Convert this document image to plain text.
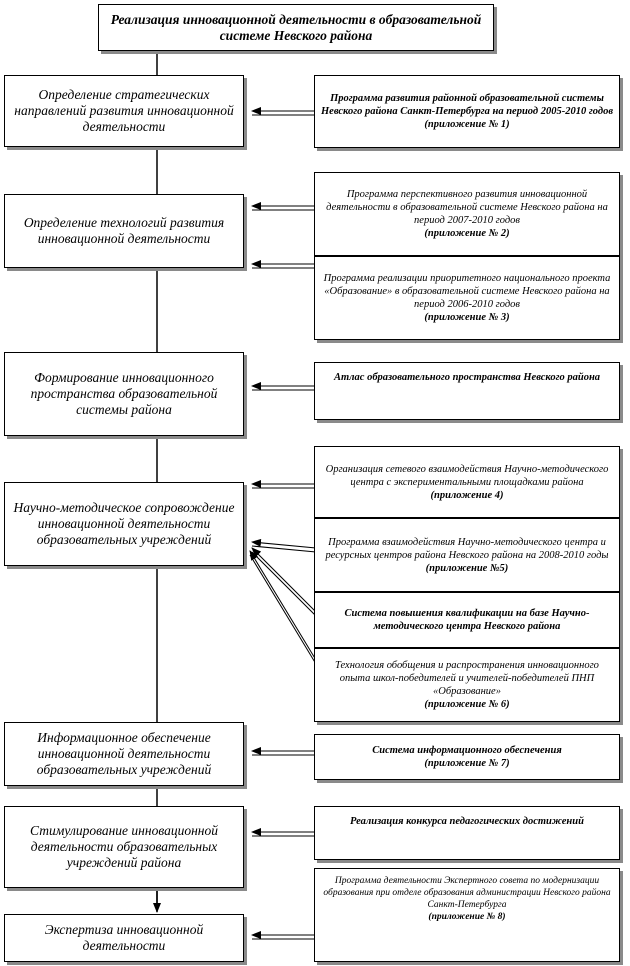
Реализация инновационной деятельности в образовательной системе Невского района
Определение стратегических направлений развития инновационной деятельности
Определение технологий развития инновационной деятельности
Формирование инновационного пространства образовательной системы района
Научно-методическое сопровождение инновационной деятельности образовательных учреждений
Информационное обеспечение инновационной деятельности образовательных учреждений
Стимулирование инновационной деятельности образовательных учреждений района
Экспертиза инновационной деятельности
Программа развития районной образовательной системы Невского района Санкт-Петербурга на период 2005-2010 годов
(приложение № 1)
Программа перспективного развития инновационной деятельности в образовательной системе Невского района на период 2007-2010 годов
(приложение № 2)
Программа реализации приоритетного национального проекта «Образование» в образовательной системе Невского района на период 2006-2010 годов
(приложение № 3)
Атлас образовательного пространства Невского района
Организация сетевого взаимодействия Научно-методического центра с экспериментальными площадками района
(приложение 4)
Программа взаимодействия Научно-методического центра и ресурсных центров района Невского района на 2008-2010 годы
(приложение №5)
Система повышения квалификации на базе Научно-методического центра Невского района
Технология обобщения и распространения инновационного опыта школ-победителей и учителей-победителей ПНП «Образование»
(приложение № 6)
Система информационного обеспечения
(приложение № 7)
Реализация конкурса педагогических достижений
Программа деятельности Экспертного совета по модернизации образования при отделе образования администрации Невского района Санкт-Петербурга
(приложение № 8)
